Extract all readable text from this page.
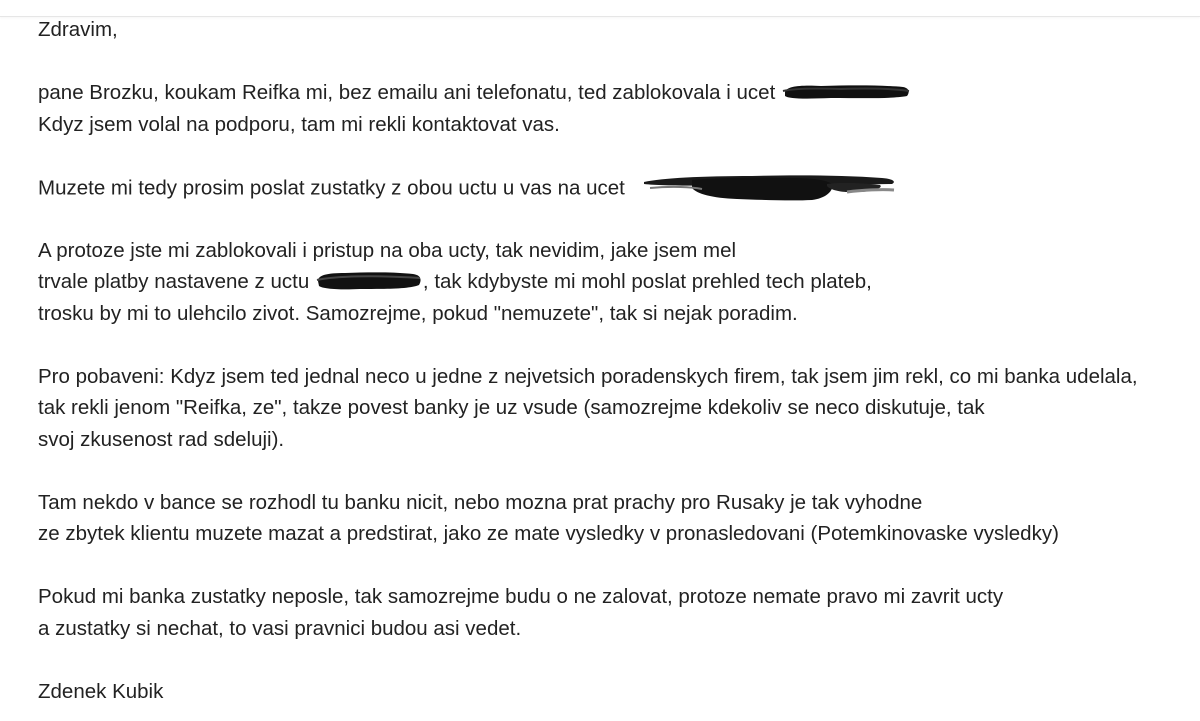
Zdravim,
pane Brozku, koukam Reifka mi, bez emailu ani telefonatu, ted zablokovala i ucet
Kdyz jsem volal na podporu, tam mi rekli kontaktovat vas.
Muzete mi tedy prosim poslat zustatky z obou uctu u vas na ucet
A protoze jste mi zablokovali i pristup na oba ucty, tak nevidim, jake jsem mel
trvale platby nastavene z uctu	, tak kdybyste mi mohl poslat prehled tech plateb,
trosku by mi to ulehcilo zivot. Samozrejme, pokud "nemuzete", tak si nejak poradim.
Pro pobaveni: Kdyz jsem ted jednal neco u jedne z nejvetsich poradenskych firem, tak jsem jim rekl, co mi banka udelala,
tak rekli jenom "Reifka, ze", takze povest banky je uz vsude (samozrejme kdekoliv se neco diskutuje, tak
svoj zkusenost rad sdeluji).
Tam nekdo v bance se rozhodl tu banku nicit, nebo mozna prat prachy pro Rusaky je tak vyhodne
ze zbytek klientu muzete mazat a predstirat, jako ze mate vysledky v pronasledovani (Potemkinovaske vysledky)
Pokud mi banka zustatky neposle, tak samozrejme budu o ne zalovat, protoze nemate pravo mi zavrit ucty
a zustatky si nechat, to vasi pravnici budou asi vedet.
Zdenek Kubik
